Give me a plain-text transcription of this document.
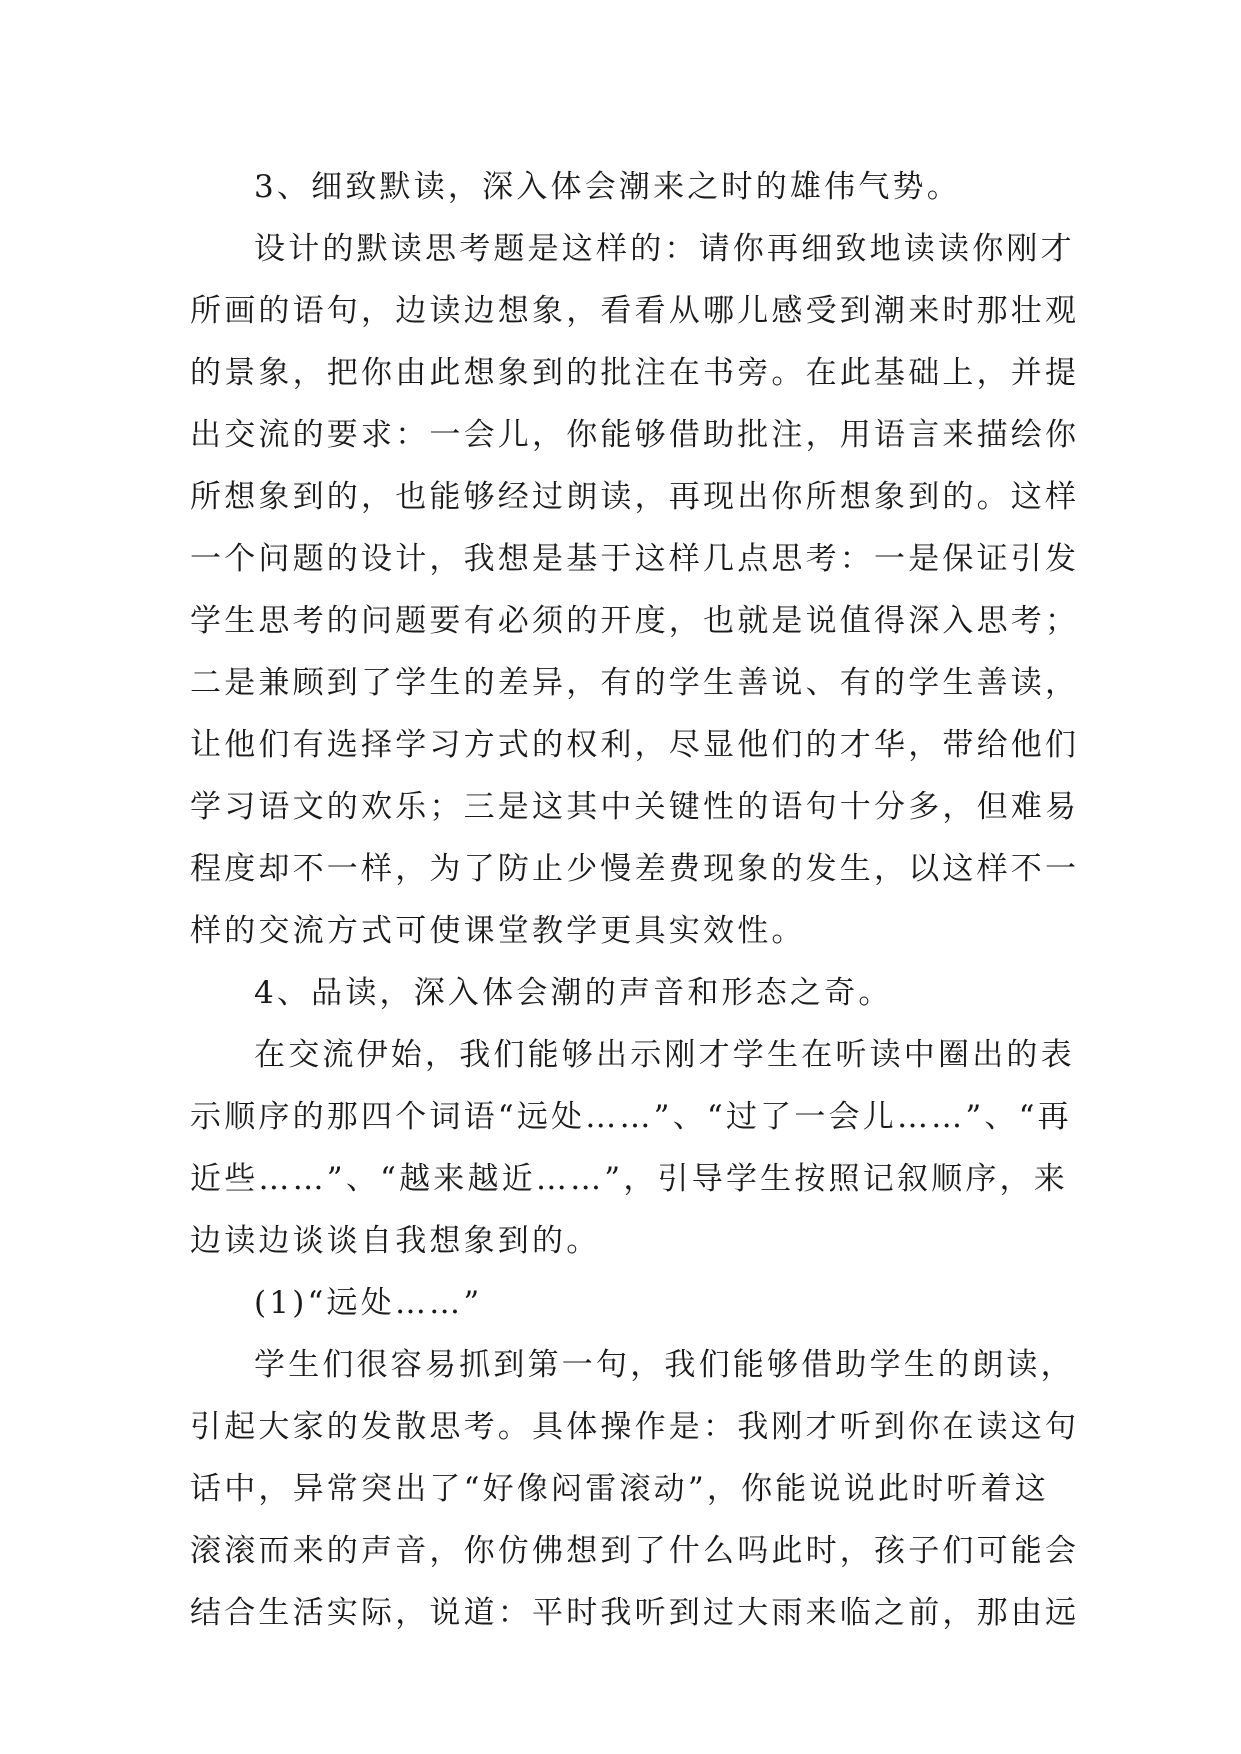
3、细致默读，深入体会潮来之时的雄伟气势。
设计的默读思考题是这样的：请你再细致地读读你刚才
所画的语句，边读边想象，看看从哪儿感受到潮来时那壮观
的景象，把你由此想象到的批注在书旁。在此基础上，并提
出交流的要求：一会儿，你能够借助批注，用语言来描绘你
所想象到的，也能够经过朗读，再现出你所想象到的。这样
一个问题的设计，我想是基于这样几点思考：一是保证引发
学生思考的问题要有必须的开度，也就是说值得深入思考；
二是兼顾到了学生的差异，有的学生善说、有的学生善读，
让他们有选择学习方式的权利，尽显他们的才华，带给他们
学习语文的欢乐；三是这其中关键性的语句十分多，但难易
程度却不一样，为了防止少慢差费现象的发生，以这样不一
样的交流方式可使课堂教学更具实效性。
4、品读，深入体会潮的声音和形态之奇。
在交流伊始，我们能够出示刚才学生在听读中圈出的表
示顺序的那四个词语“远处……”、“过了一会儿……”、“再
近些……”、“越来越近……”，引导学生按照记叙顺序，来
边读边谈谈自我想象到的。
(1)“远处……”
学生们很容易抓到第一句，我们能够借助学生的朗读，
引起大家的发散思考。具体操作是：我刚才听到你在读这句
话中，异常突出了“好像闷雷滚动”，你能说说此时听着这
滚滚而来的声音，你仿佛想到了什么吗此时，孩子们可能会
结合生活实际，说道：平时我听到过大雨来临之前，那由远
